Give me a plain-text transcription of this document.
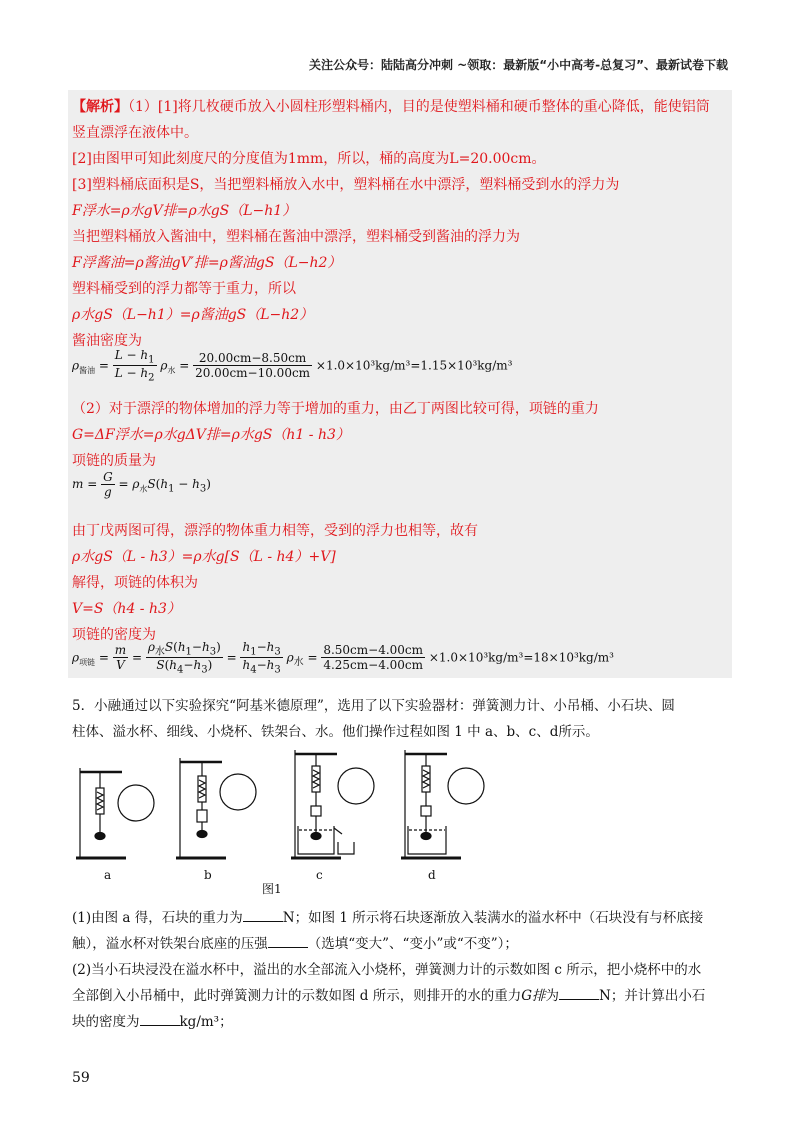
关注公众号：陆陆高分冲刺 ~领取：最新版“小中高考-总复习”、最新试卷下载
【解析】（1）[1]将几枚硬币放入小圆柱形塑料桶内，目的是使塑料桶和硬币整体的重心降低，能使铝筒
竖直漂浮在液体中。
[2]由图甲可知此刻度尺的分度值为1mm，所以，桶的高度为L=20.00cm。
[3]塑料桶底面积是S，当把塑料桶放入水中，塑料桶在水中漂浮，塑料桶受到水的浮力为
F浮水=ρ水gV排=ρ水gS（L−h1）
当把塑料桶放入酱油中，塑料桶在酱油中漂浮，塑料桶受到酱油的浮力为
F浮酱油=ρ酱油gV′排=ρ酱油gS（L−h2）
塑料桶受到的浮力都等于重力，所以
ρ水gS（L−h1）=ρ酱油gS（L−h2）
酱油密度为
$\rho_{酱油} = \frac{L - h_1}{L - h_2} \rho_水 = \frac{20.00cm-8.50cm}{20.00cm-10.00cm} \times 1.0\times 10^3kg/m^3=1.15\times 10^3kg/m^3$
（2）对于漂浮的物体增加的浮力等于增加的重力，由乙丁两图比较可得，项链的重力
G=ΔF浮水=ρ水gΔV排=ρ水gS（h1 - h3）
项链的质量为
$m = \frac{G}{g} = \rho_水S(h_1 - h_3)$
由丁戊两图可得，漂浮的物体重力相等，受到的浮力也相等，故有
ρ水gS（L - h3）=ρ水g[S（L - h4）+V]
解得，项链的体积为
V=S（h4 - h3）
项链的密度为
$\rho_{项链} = \frac{m}{V} = \frac{\rho_水S(h_1-h_3)}{S(h_4-h_3)} = \frac{h_1-h_3}{h_4-h_3} \rho_水 = \frac{8.50cm-4.00cm}{4.25cm-4.00cm} \times 1.0\times 10^3kg/m^3=18\times 10^3kg/m^3$
5．小融通过以下实验探究“阿基米德原理”，选用了以下实验器材：弹簧测力计、小吊桶、小石块、圆
柱体、溢水杯、细线、小烧杯、铁架台、水。他们操作过程如图 1 中 a、b、c、d所示。
a	b	c	d
图1
(1)由图 a 得，石块的重力为	N；如图 1 所示将石块逐渐放入装满水的溢水杯中（石块没有与杯底接
触），溢水杯对铁架台底座的压强	（选填“变大”、“变小”或“不变”）；
(2)当小石块浸没在溢水杯中，溢出的水全部流入小烧杯，弹簧测力计的示数如图 c 所示，把小烧杯中的水
全部倒入小吊桶中，此时弹簧测力计的示数如图 d 所示，则排开的水的重力G排为	N；并计算出小石
块的密度为	kg/m³；
59
